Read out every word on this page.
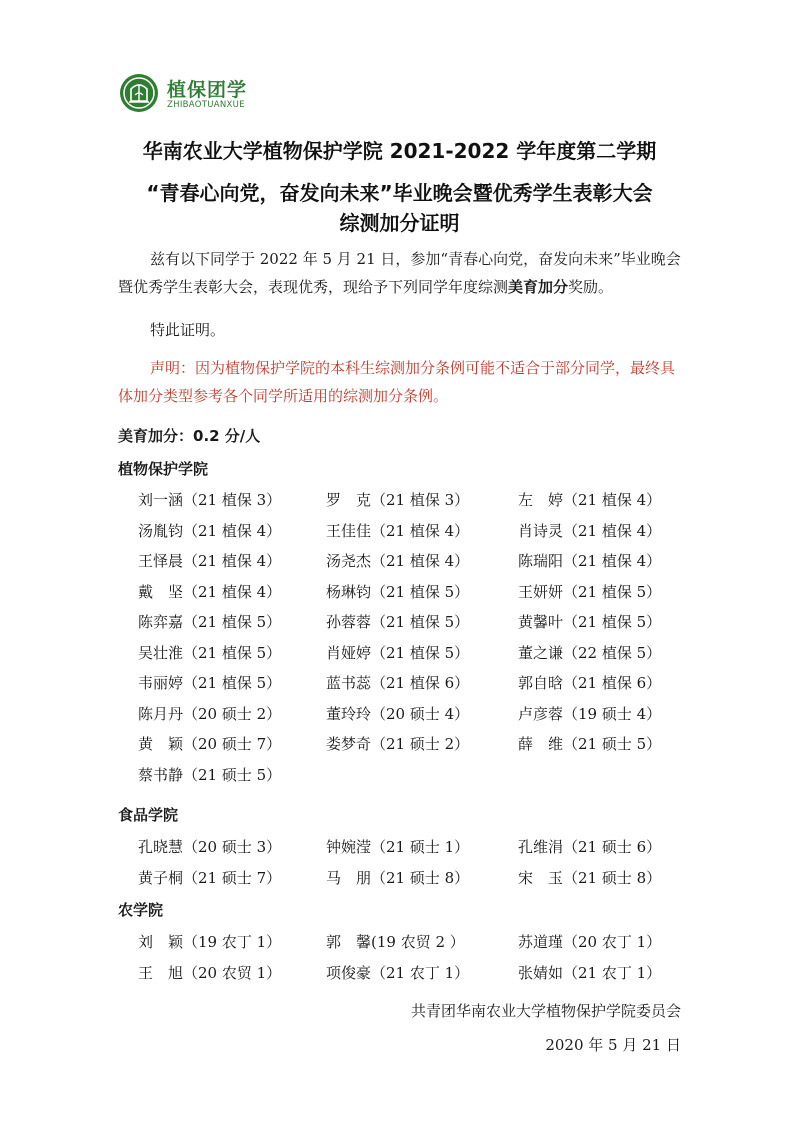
植保团学
ZHIBAOTUANXUE
华南农业大学植物保护学院 2021-2022 学年度第二学期
“青春心向党，奋发向未来”毕业晚会暨优秀学生表彰大会
综测加分证明
兹有以下同学于 2022 年 5 月 21 日，参加“青春心向党，奋发向未来”毕业晚会暨优秀学生表彰大会，表现优秀，现给予下列同学年度综测美育加分奖励。
特此证明。
声明：因为植物保护学院的本科生综测加分条例可能不适合于部分同学，最终具体加分类型参考各个同学所适用的综测加分条例。
美育加分：0.2 分/人
植物保护学院
刘一涵（21 植保 3）	罗　克（21 植保 3）	左　婷（21 植保 4）
汤胤钧（21 植保 4）	王佳佳（21 植保 4）	肖诗灵（21 植保 4）
王怿晨（21 植保 4）	汤尧杰（21 植保 4）	陈瑞阳（21 植保 4）
戴　坚（21 植保 4）	杨琳钧（21 植保 5）	王妍妍（21 植保 5）
陈弈嘉（21 植保 5）	孙蓉蓉（21 植保 5）	黄馨叶（21 植保 5）
吴壮淮（21 植保 5）	肖娅婷（21 植保 5）	董之谦（22 植保 5）
韦丽婷（21 植保 5）	蓝书蕊（21 植保 6）	郭自晗（21 植保 6）
陈月丹（20 硕士 2）	董玲玲（20 硕士 4）	卢彦蓉（19 硕士 4）
黄　颖（20 硕士 7）	娄梦奇（21 硕士 2）	薛　维（21 硕士 5）
蔡书静（21 硕士 5）
食品学院
孔晓慧（20 硕士 3）	钟婉滢（21 硕士 1）	孔维涓（21 硕士 6）
黄子桐（21 硕士 7）	马　朋（21 硕士 8）	宋　玉（21 硕士 8）
农学院
刘　颖（19 农丁 1）	郭　馨(19 农贸 2 ）	苏道瑾（20 农丁 1）
王　旭（20 农贸 1）	项俊豪（21 农丁 1）	张婧如（21 农丁 1）
共青团华南农业大学植物保护学院委员会
2020 年 5 月 21 日
